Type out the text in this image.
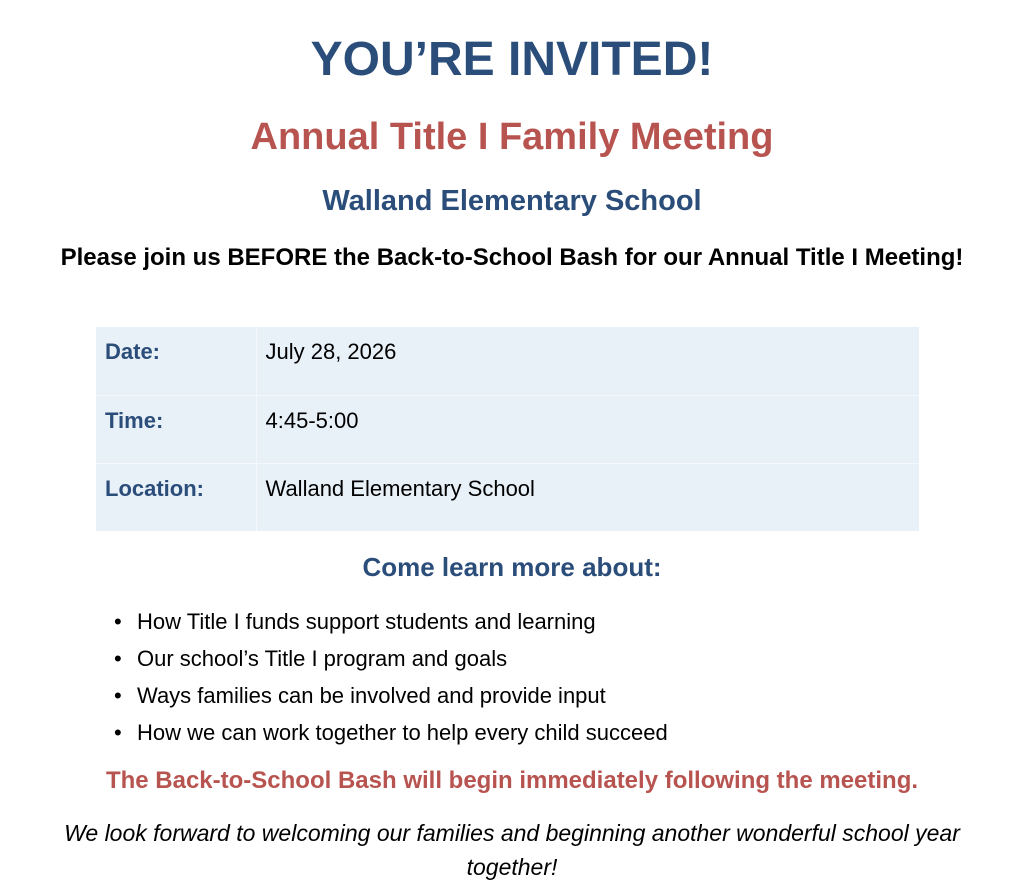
YOU’RE INVITED!
Annual Title I Family Meeting
Walland Elementary School

Please join us BEFORE the Back-to-School Bash for our Annual Title I Meeting!

Date:	July 28, 2026
Time:	4:45-5:00
Location:	Walland Elementary School
Come learn more about:
• How Title I funds support students and learning
• Our school’s Title I program and goals
• Ways families can be involved and provide input
• How we can work together to help every child succeed

The Back-to-School Bash will begin immediately following the meeting.

We look forward to welcoming our families and beginning another wonderful school year together!
